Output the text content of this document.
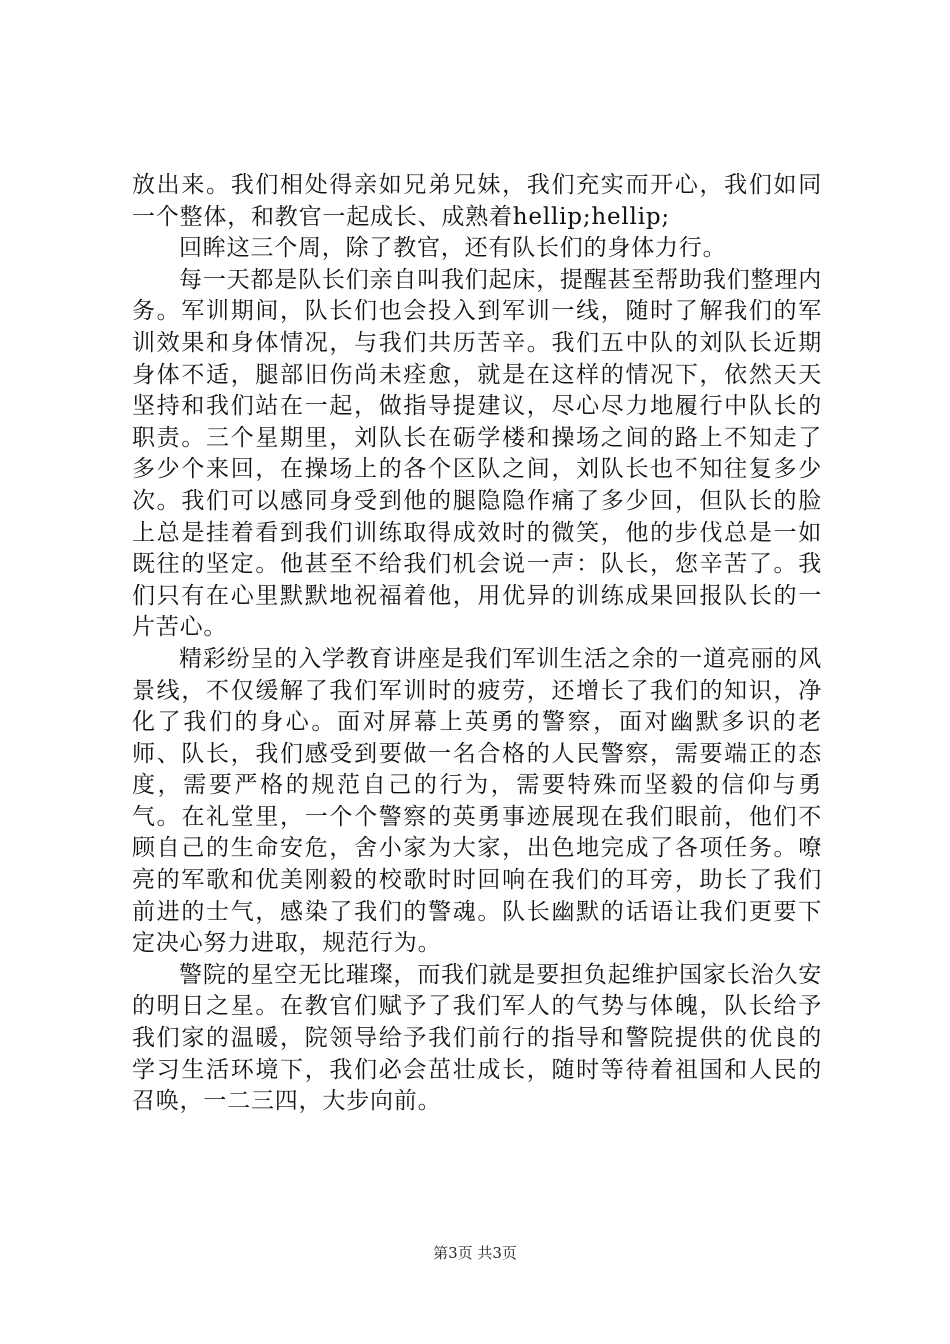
放出来。我们相处得亲如兄弟兄妹，我们充实而开心，我们如同一个整体，和教官一起成长、成熟着hellip;hellip;

回眸这三个周，除了教官，还有队长们的身体力行。

每一天都是队长们亲自叫我们起床，提醒甚至帮助我们整理内务。军训期间，队长们也会投入到军训一线，随时了解我们的军训效果和身体情况，与我们共历苦辛。我们五中队的刘队长近期身体不适，腿部旧伤尚未痊愈，就是在这样的情况下，依然天天坚持和我们站在一起，做指导提建议，尽心尽力地履行中队长的职责。三个星期里，刘队长在砺学楼和操场之间的路上不知走了多少个来回，在操场上的各个区队之间，刘队长也不知往复多少次。我们可以感同身受到他的腿隐隐作痛了多少回，但队长的脸上总是挂着看到我们训练取得成效时的微笑，他的步伐总是一如既往的坚定。他甚至不给我们机会说一声：队长，您辛苦了。我们只有在心里默默地祝福着他，用优异的训练成果回报队长的一片苦心。

精彩纷呈的入学教育讲座是我们军训生活之余的一道亮丽的风景线，不仅缓解了我们军训时的疲劳，还增长了我们的知识，净化了我们的身心。面对屏幕上英勇的警察，面对幽默多识的老师、队长，我们感受到要做一名合格的人民警察，需要端正的态度，需要严格的规范自己的行为，需要特殊而坚毅的信仰与勇气。在礼堂里，一个个警察的英勇事迹展现在我们眼前，他们不顾自己的生命安危，舍小家为大家，出色地完成了各项任务。嘹亮的军歌和优美刚毅的校歌时时回响在我们的耳旁，助长了我们前进的士气，感染了我们的警魂。队长幽默的话语让我们更要下定决心努力进取，规范行为。

警院的星空无比璀璨，而我们就是要担负起维护国家长治久安的明日之星。在教官们赋予了我们军人的气势与体魄，队长给予我们家的温暖，院领导给予我们前行的指导和警院提供的优良的学习生活环境下，我们必会茁壮成长，随时等待着祖国和人民的召唤，一二三四，大步向前。

第3页 共3页
